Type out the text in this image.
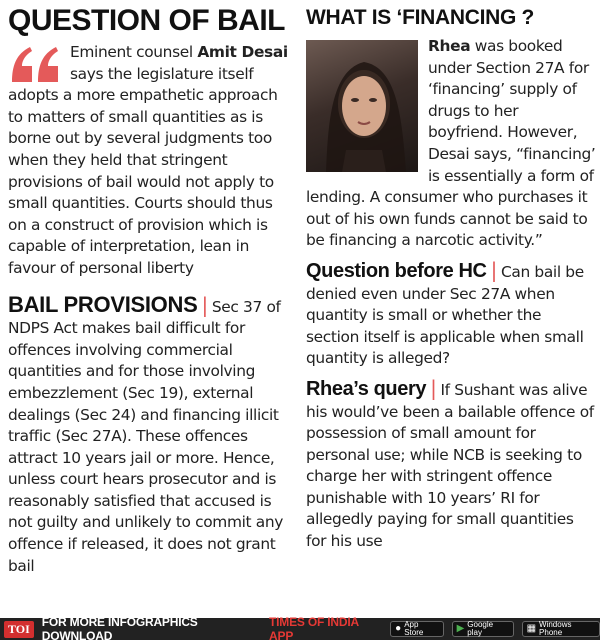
QUESTION OF BAIL
Eminent counsel Amit Desai says the legislature itself adopts a more empathetic approach to matters of small quantities as is borne out by several judgments too when they held that stringent provisions of bail would not apply to small quantities. Courts should thus on a construct of provision which is capable of interpretation, lean in favour of personal liberty
BAIL PROVISIONS | Sec 37 of NDPS Act makes bail difficult for offences involving commercial quantities and for those involving embezzlement (Sec 19), external dealings (Sec 24) and financing illicit traffic (Sec 27A). These offences attract 10 years jail or more. Hence, unless court hears prosecutor and is reasonably satisfied that accused is not guilty and unlikely to commit any offence if released, it does not grant bail
WHAT IS ‘FINANCING ?
Rhea was booked under Section 27A for ‘financing’ supply of drugs to her boyfriend. However, Desai says, “financing’ is essentially a form of lending. A consumer who purchases it out of his own funds cannot be said to be financing a narcotic activity.”
Question before HC | Can bail be denied even under Sec 27A when quantity is small or whether the section itself is applicable when small quantity is alleged?
Rhea’s query | If Sushant was alive his would’ve been a bailable offence of possession of small amount for personal use; while NCB is seeking to charge her with stringent offence punishable with 10 years’ RI for allegedly paying for small quantities for his use
TOI	FOR MORE INFOGRAPHICS DOWNLOAD
TIMES OF INDIA APP
● App Store	▶ Google play	▦ Windows Phone
